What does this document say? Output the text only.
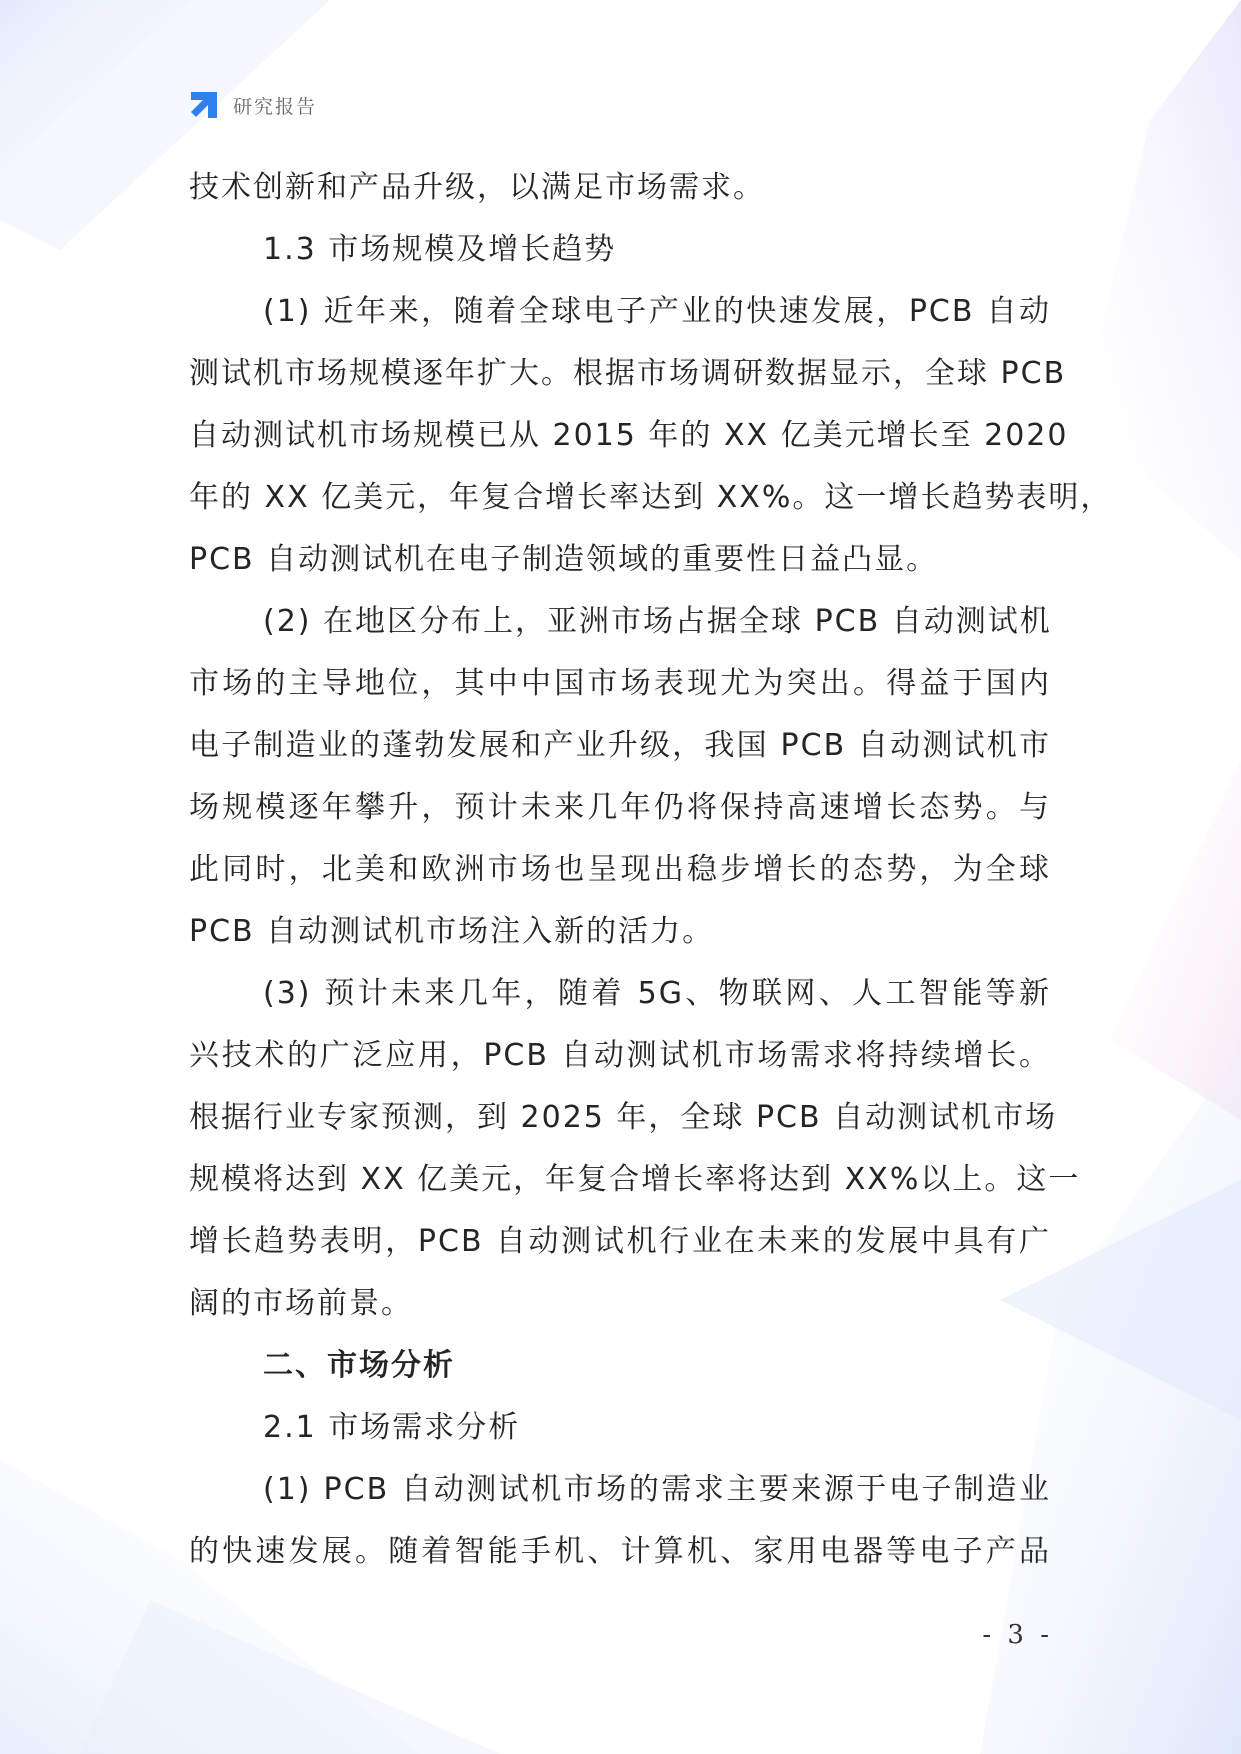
研究报告
技术创新和产品升级，以满足市场需求。
1.3 市场规模及增长趋势
(1) 近年来，随着全球电子产业的快速发展，PCB 自动
测试机市场规模逐年扩大。根据市场调研数据显示，全球 PCB
自动测试机市场规模已从 2015 年的 XX 亿美元增长至 2020
年的 XX 亿美元，年复合增长率达到 XX%。这一增长趋势表明，
PCB 自动测试机在电子制造领域的重要性日益凸显。
(2) 在地区分布上，亚洲市场占据全球 PCB 自动测试机
市场的主导地位，其中中国市场表现尤为突出。得益于国内
电子制造业的蓬勃发展和产业升级，我国 PCB 自动测试机市
场规模逐年攀升，预计未来几年仍将保持高速增长态势。与
此同时，北美和欧洲市场也呈现出稳步增长的态势，为全球
PCB 自动测试机市场注入新的活力。
(3) 预计未来几年，随着 5G、物联网、人工智能等新
兴技术的广泛应用，PCB 自动测试机市场需求将持续增长。
根据行业专家预测，到 2025 年，全球 PCB 自动测试机市场
规模将达到 XX 亿美元，年复合增长率将达到 XX%以上。这一
增长趋势表明，PCB 自动测试机行业在未来的发展中具有广
阔的市场前景。
二、市场分析
2.1 市场需求分析
(1) PCB 自动测试机市场的需求主要来源于电子制造业
的快速发展。随着智能手机、计算机、家用电器等电子产品
- 3 -
